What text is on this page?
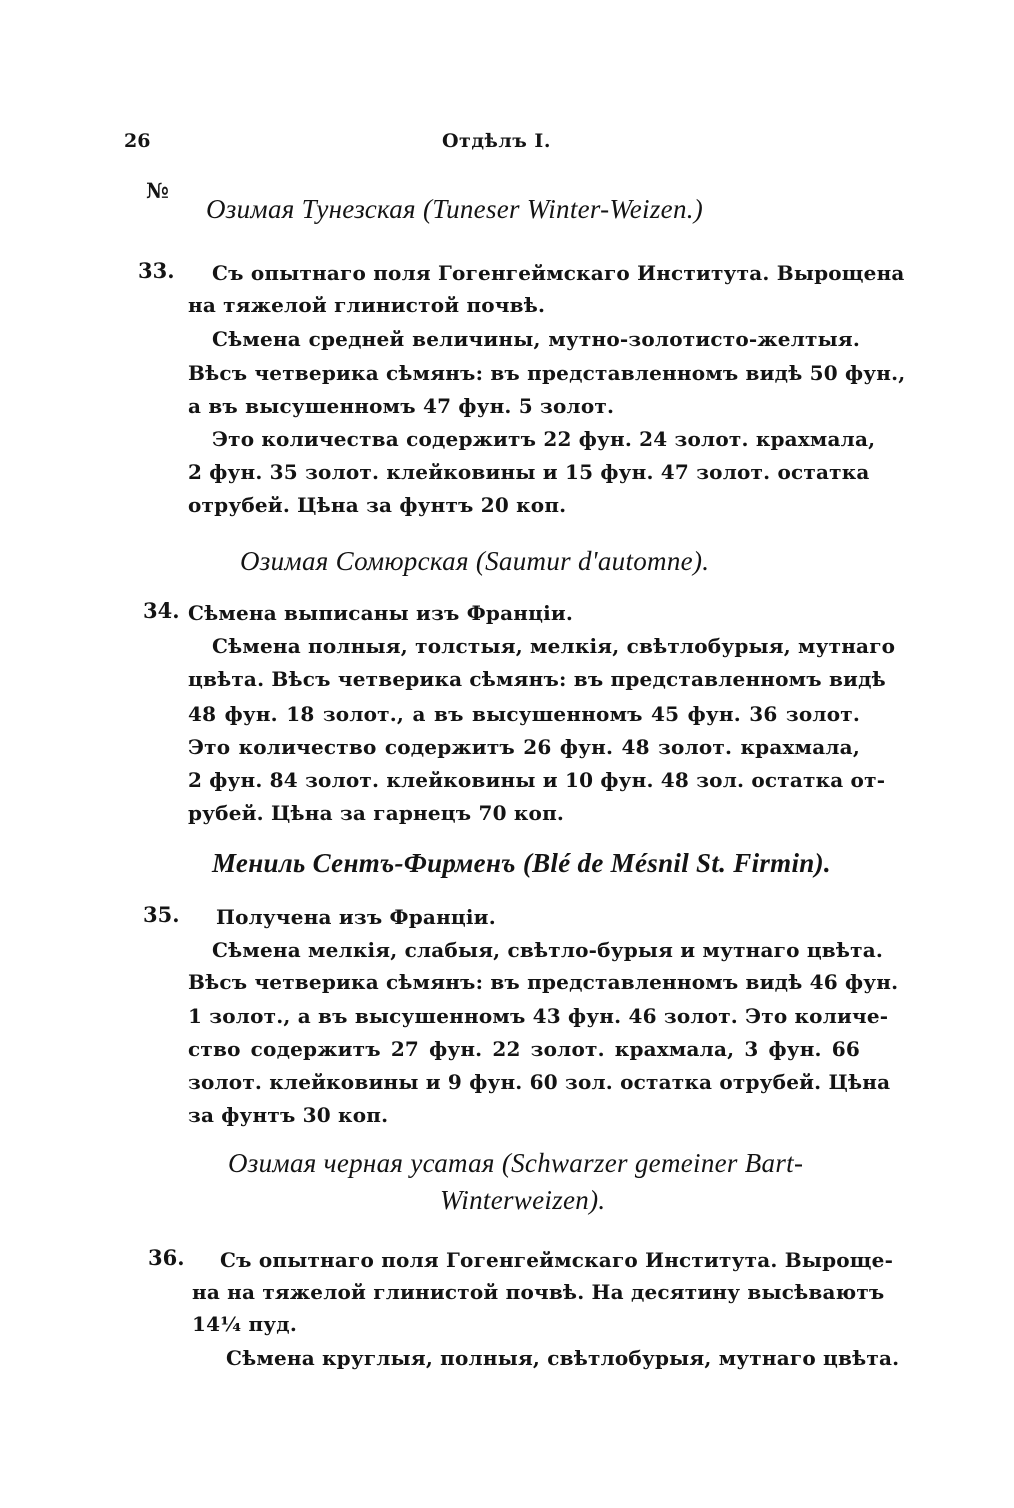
26	Отдѣлъ I.
№
Озимая Тунезская (Tuneser Winter-Weizen.)
33. Съ опытнаго поля Гогенгеймскаго Института. Вырощена
на тяжелой глинистой почвѣ.
Сѣмена средней величины, мутно-золотисто-желтыя.
Вѣсъ четверика сѣмянъ: въ представленномъ видѣ 50 фун.,
а въ высушенномъ 47 фун. 5 золот.
Это количества содержитъ 22 фун. 24 золот. крахмала,
2 фун. 35 золот. клейковины и 15 фун. 47 золот. остатка
отрубей. Цѣна за фунтъ 20 коп.
Озимая Сомюрская (Saumur d'automne).
34. Сѣмена выписаны изъ Франціи.
Сѣмена полныя, толстыя, мелкія, свѣтлобурыя, мутнаго
цвѣта. Вѣсъ четверика сѣмянъ: въ представленномъ видѣ
48 фун. 18 золот., а въ высушенномъ 45 фун. 36 золот.
Это количество содержитъ 26 фун. 48 золот. крахмала,
2 фун. 84 золот. клейковины и 10 фун. 48 зол. остатка от-
рубей. Цѣна за гарнецъ 70 коп.
Мениль Сентъ-Фирменъ (Blé de Mésnil St. Firmin).
35. Получена изъ Франціи.
Сѣмена мелкія, слабыя, свѣтло-бурыя и мутнаго цвѣта.
Вѣсъ четверика сѣмянъ: въ представленномъ видѣ 46 фун.
1 золот., а въ высушенномъ 43 фун. 46 золот. Это количе-
ство содержитъ 27 фун. 22 золот. крахмала, 3 фун. 66
золот. клейковины и 9 фун. 60 зол. остатка отрубей. Цѣна
за фунтъ 30 коп.
Озимая черная усатая (Schwarzer gemeiner Bart-
Winterweizen).
36. Съ опытнаго поля Гогенгеймскаго Института. Вырощe-
на на тяжелой глинистой почвѣ. На десятину высѣваютъ
14¼ пуд.
Сѣмена круглыя, полныя, свѣтлобурыя, мутнаго цвѣта.
